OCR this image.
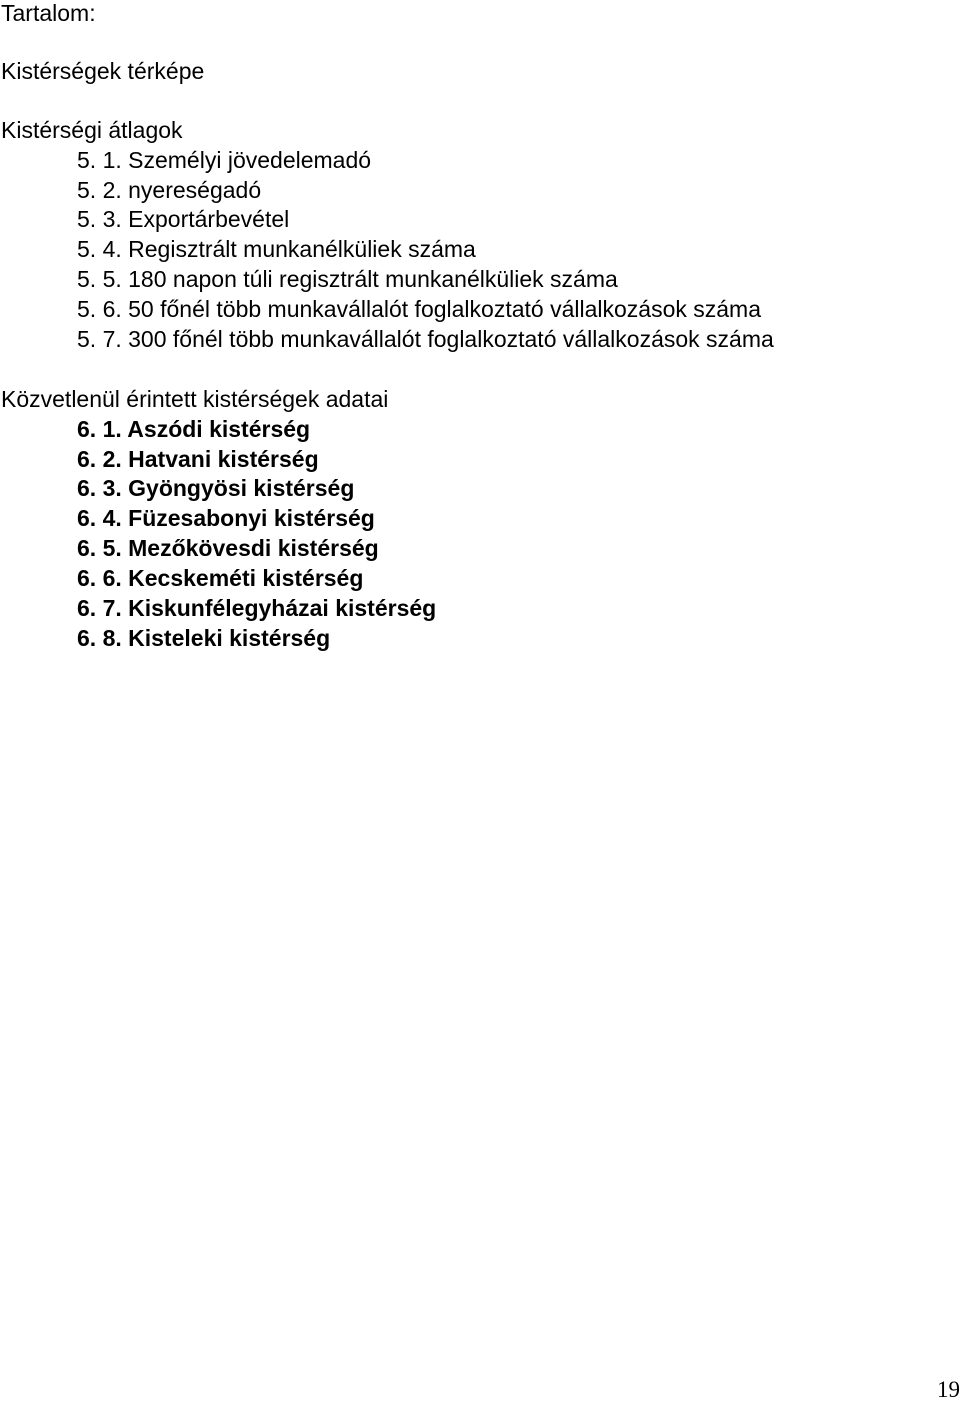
Tartalom:
Kistérségek térképe
Kistérségi átlagok
5. 1. Személyi jövedelemadó
5. 2. nyereségadó
5. 3. Exportárbevétel
5. 4. Regisztrált munkanélküliek száma
5. 5. 180 napon túli regisztrált munkanélküliek száma
5. 6. 50 főnél több munkavállalót foglalkoztató vállalkozások száma
5. 7. 300 főnél több munkavállalót foglalkoztató vállalkozások száma
Közvetlenül érintett kistérségek adatai
6. 1. Aszódi kistérség
6. 2. Hatvani kistérség
6. 3. Gyöngyösi kistérség
6. 4. Füzesabonyi kistérség
6. 5. Mezőkövesdi kistérség
6. 6. Kecskeméti kistérség
6. 7. Kiskunfélegyházai kistérség
6. 8. Kisteleki kistérség
19
